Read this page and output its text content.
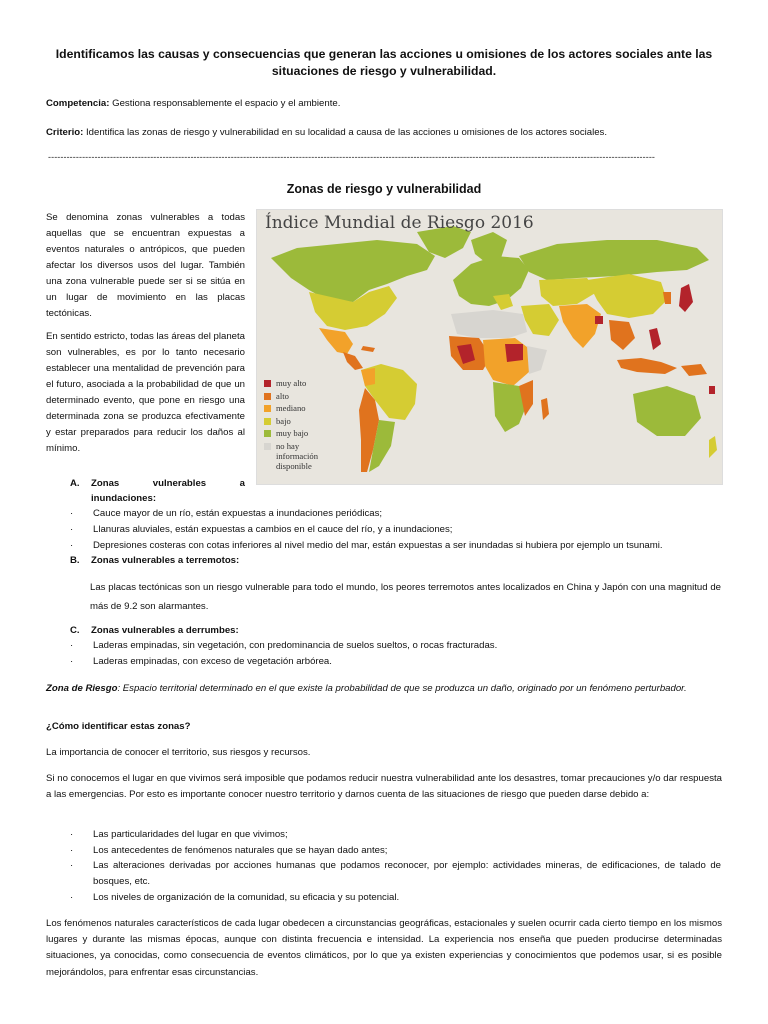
Identificamos las causas y consecuencias que generan las acciones u omisiones de los actores sociales ante las situaciones de riesgo y vulnerabilidad.
Competencia: Gestiona responsablemente el espacio y el ambiente.
Criterio: Identifica las zonas de riesgo y vulnerabilidad en su localidad a causa de las acciones u omisiones de los actores sociales.
----------------------------------------------------------------------------------------------------------------------------------------------------------------------------------------------------
Zonas de riesgo y vulnerabilidad
Se denomina zonas vulnerables a todas aquellas que se encuentran expuestas a eventos naturales o antrópicos, que pueden afectar los diversos usos del lugar. También una zona vulnerable puede ser si se sitúa en un lugar de movimiento en las placas tectónicas.
En sentido estricto, todas las áreas del planeta son vulnerables, es por lo tanto necesario establecer una mentalidad de prevención para el futuro, asociada a la probabilidad de que un determinado evento, que pone en riesgo una determinada zona se produzca efectivamente y estar preparados para reducir los daños al mínimo.
Índice Mundial de Riesgo 2016
muy alto
alto
mediano
bajo
muy bajo
no hay información disponible
A. Zonas vulnerables a
inundaciones:
· Cauce mayor de un río, están expuestas a inundaciones periódicas;
· Llanuras aluviales, están expuestas a cambios en el cauce del río, y a inundaciones;
· Depresiones costeras con cotas inferiores al nivel medio del mar, están expuestas a ser inundadas si hubiera por ejemplo un tsunami.
B. Zonas vulnerables a terremotos:
Las placas tectónicas son un riesgo vulnerable para todo el mundo, los peores terremotos antes localizados en China y Japón con una magnitud de más de 9.2 son alarmantes.
C. Zonas vulnerables a derrumbes:
· Laderas empinadas, sin vegetación, con predominancia de suelos sueltos, o rocas fracturadas.
· Laderas empinadas, con exceso de vegetación arbórea.
Zona de Riesgo: Espacio territorial determinado en el que existe la probabilidad de que se produzca un daño, originado por un fenómeno perturbador.
¿Cómo identificar estas zonas?
La importancia de conocer el territorio, sus riesgos y recursos.
Si no conocemos el lugar en que vivimos será imposible que podamos reducir nuestra vulnerabilidad ante los desastres, tomar precauciones y/o dar respuesta a las emergencias. Por esto es importante conocer nuestro territorio y darnos cuenta de las situaciones de riesgo que pueden darse debido a:
· Las particularidades del lugar en que vivimos;
· Los antecedentes de fenómenos naturales que se hayan dado antes;
· Las alteraciones derivadas por acciones humanas que podamos reconocer, por ejemplo: actividades mineras, de edificaciones, de talado de bosques, etc.
· Los niveles de organización de la comunidad, su eficacia y su potencial.
Los fenómenos naturales característicos de cada lugar obedecen a circunstancias geográficas, estacionales y suelen ocurrir cada cierto tiempo en los mismos lugares y durante las mismas épocas, aunque con distinta frecuencia e intensidad. La experiencia nos enseña que pueden producirse determinadas situaciones, ya conocidas, como consecuencia de eventos climáticos, por lo que ya existen experiencias y conocimientos que podemos usar, si es posible mejorándolos, para enfrentar esas circunstancias.
